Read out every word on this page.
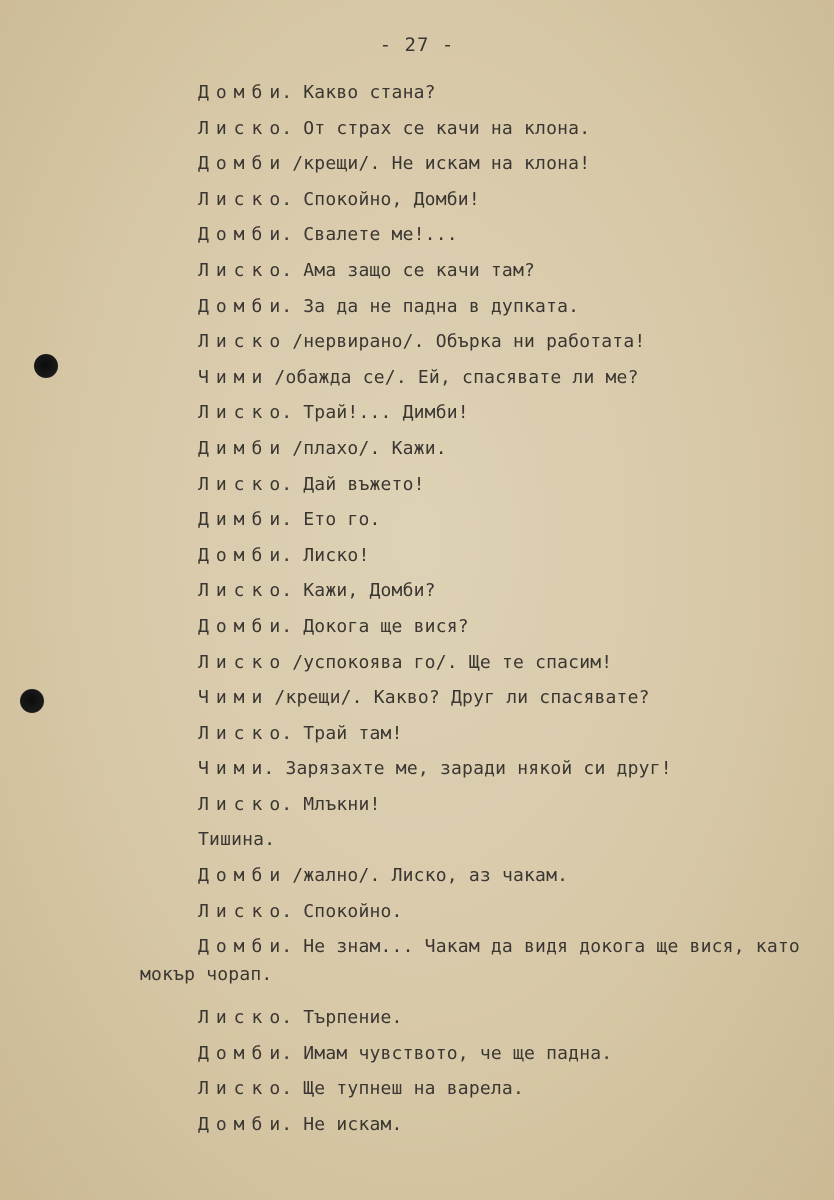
- 27 -
Домби. Какво стана?
Лиско. От страх се качи на клона.
Домби /крещи/. Не искам на клона!
Лиско. Спокойно, Домби!
Домби. Свалете ме!...
Лиско. Ама защо се качи там?
Домби. За да не падна в дупката.
Лиско /нервирано/. Обърка ни работата!
Чими /обажда се/. Ей, спасявате ли ме?
Лиско. Трай!... Димби!
Димби /плахо/. Кажи.
Лиско. Дай въжето!
Димби. Ето го.
Домби. Лиско!
Лиско. Кажи, Домби?
Домби. Докога ще вися?
Лиско /успокоява го/. Ще те спасим!
Чими /крещи/. Какво? Друг ли спасявате?
Лиско. Трай там!
Чими. Зарязахте ме, заради някой си друг!
Лиско. Млъкни!
Тишина.
Домби /жално/. Лиско, аз чакам.
Лиско. Спокойно.
Домби. Не знам... Чакам да видя докога ще вися, като
мокър чорап.
Лиско. Търпение.
Домби. Имам чувството, че ще падна.
Лиско. Ще тупнеш на варела.
Домби. Не искам.
